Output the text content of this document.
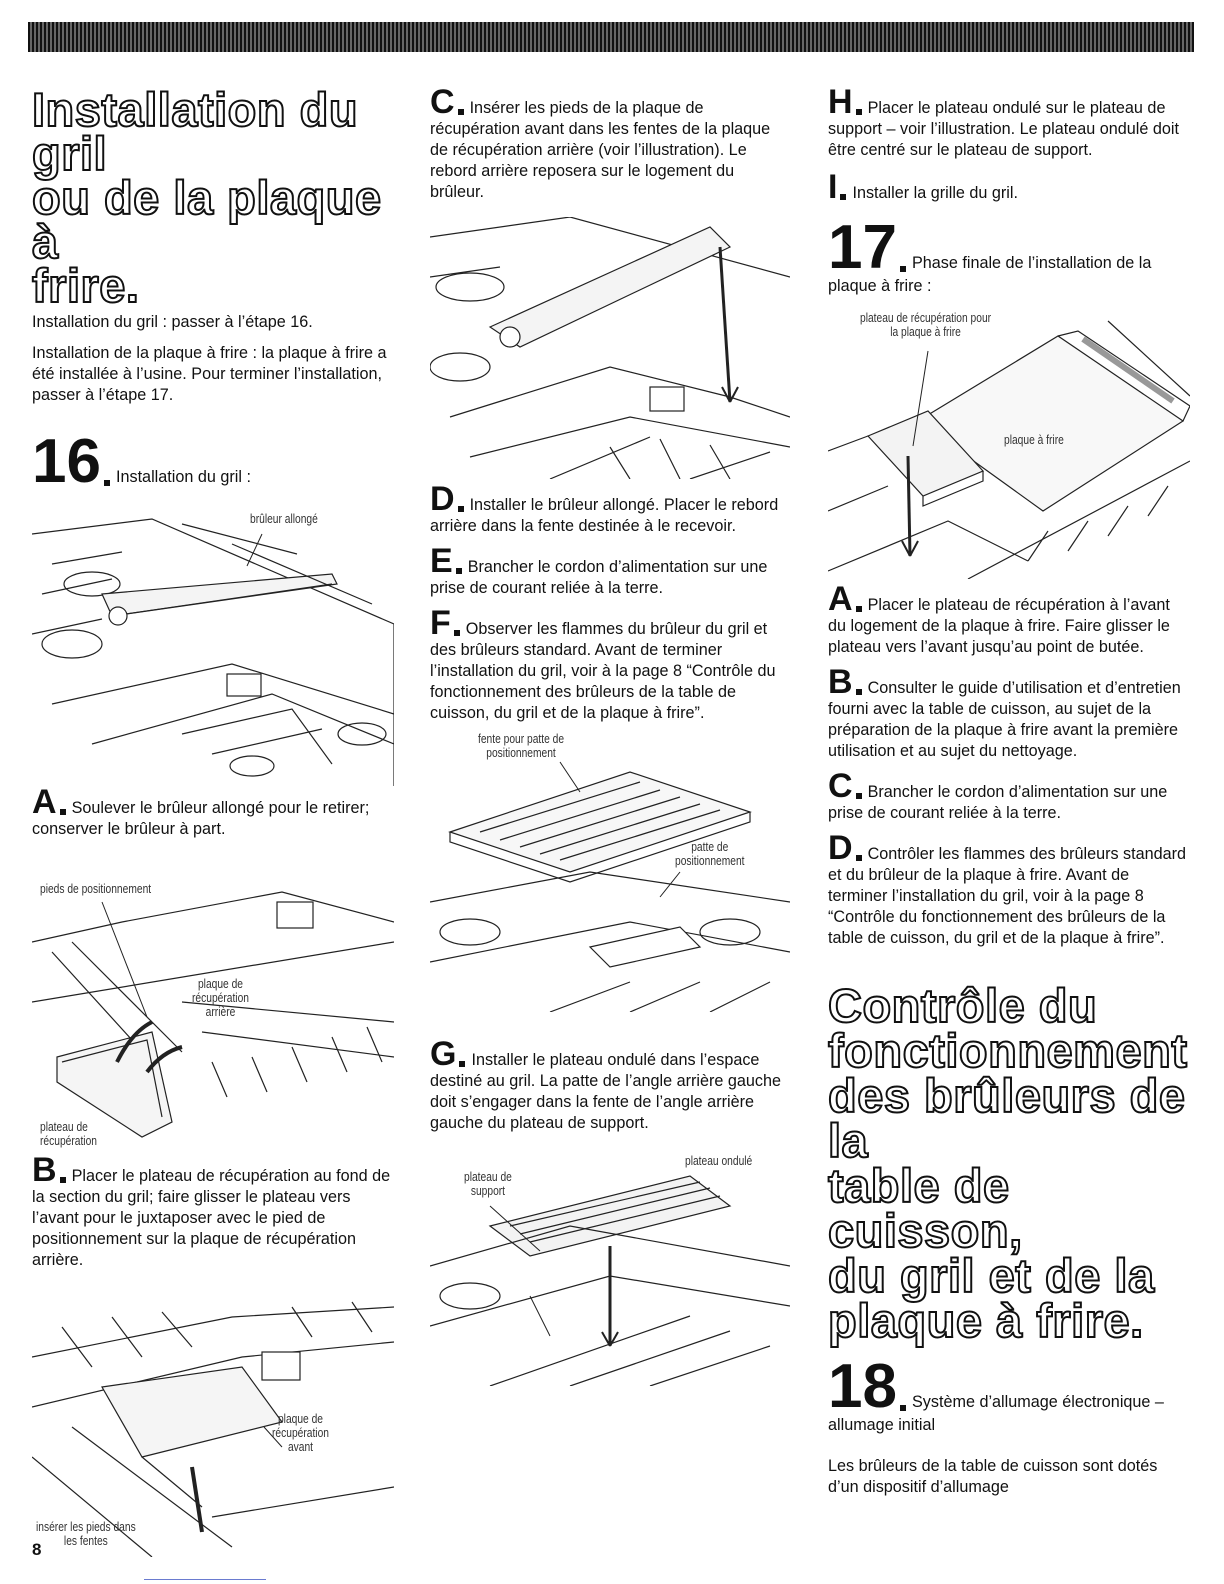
Installation du gril
ou de la plaque à
frire.

Installation du gril : passer à l’étape 16.

Installation de la plaque à frire : la plaque à frire a été installée à l’usine. Pour terminer l’installation, passer à l’étape 17.

16 Installation du gril :
brûleur allongé
A Soulever le brûleur allongé pour le retirer; conserver le brûleur à part.
pieds de positionnement
plaque de
récupération
arrière
plateau de
récupération
B Placer le plateau de récupération au fond de la section du gril; faire glisser le plateau vers l’avant pour le juxtaposer avec le pied de positionnement sur la plaque de récupération arrière.
plaque de
récupération
avant
insérer les pieds dans
les fentes
C Insérer les pieds de la plaque de récupération avant dans les fentes de la plaque de récupération arrière (voir l’illustration). Le rebord arrière reposera sur le logement du brûleur.
D Installer le brûleur allongé. Placer le rebord arrière dans la fente destinée à le recevoir.
E Brancher le cordon d’alimentation sur une prise de courant reliée à la terre.
F Observer les flammes du brûleur du gril et des brûleurs standard. Avant de terminer l’installation du gril, voir à la page 8 “Contrôle du fonctionnement des brûleurs de la table de cuisson, du gril et de la plaque à frire”.
fente pour patte de
positionnement
patte de
positionnement
G Installer le plateau ondulé dans l’espace destiné au gril. La patte de l’angle arrière gauche doit s’engager dans la fente de l’angle arrière gauche du plateau de support.
plateau de
support
plateau ondulé
H Placer le plateau ondulé sur le plateau de support – voir l’illustration. Le plateau ondulé doit être centré sur le plateau de support.
I Installer la grille du gril.
17 Phase finale de l’installation de la plaque à frire :
plateau de récupération pour
la plaque à frire
plaque à frire
A Placer le plateau de récupération à l’avant du logement de la plaque à frire. Faire glisser le plateau vers l’avant jusqu’au point de butée.
B Consulter le guide d’utilisation et d’entretien fourni avec la table de cuisson, au sujet de la préparation de la plaque à frire avant la première utilisation et au sujet du nettoyage.
C Brancher le cordon d’alimentation sur une prise de courant reliée à la terre.
D Contrôler les flammes des brûleurs standard et du brûleur de la plaque à frire. Avant de terminer l’installation du gril, voir à la page 8 “Contrôle du fonctionnement des brûleurs de la table de cuisson, du gril et de la plaque à frire”.
Contrôle du
fonctionnement
des brûleurs de la
table de cuisson,
du gril et de la
plaque à frire.
18 Système d’allumage électronique – allumage initial

Les brûleurs de la table de cuisson sont dotés d’un dispositif d’allumage

8
